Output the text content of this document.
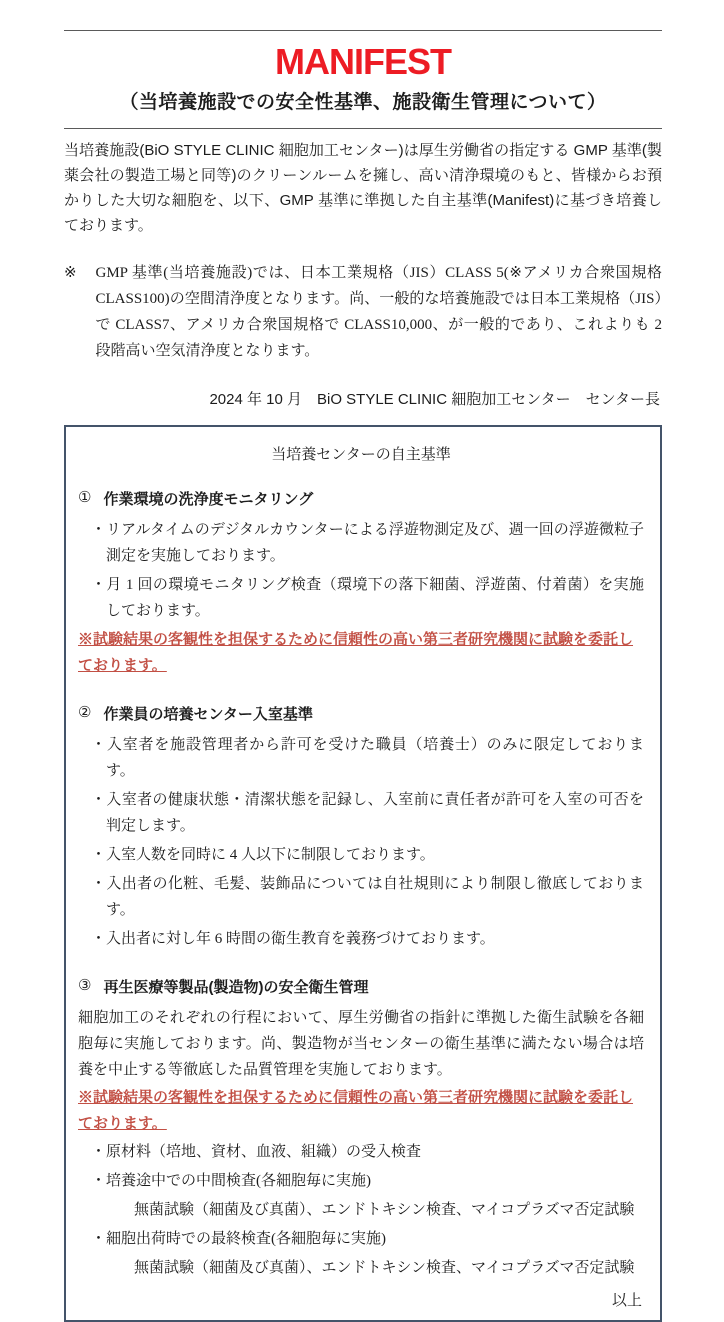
MANIFEST
（当培養施設での安全性基準、施設衛生管理について）

当培養施設(BiO STYLE CLINIC 細胞加工センター)は厚生労働省の指定する GMP 基準(製薬会社の製造工場と同等)のクリーンルームを擁し、高い清浄環境のもと、皆様からお預かりした大切な細胞を、以下、GMP 基準に準拠した自主基準(Manifest)に基づき培養しております。

※	GMP 基準(当培養施設)では、日本工業規格（JIS）CLASS 5(※アメリカ合衆国規格 CLASS100)の空間清浄度となります。尚、一般的な培養施設では日本工業規格（JIS）で CLASS7、アメリカ合衆国規格で CLASS10,000、が一般的であり、これよりも 2 段階高い空気清浄度となります。
2024 年 10 月　BiO STYLE CLINIC 細胞加工センター　センター長
当培養センターの自主基準
① 作業環境の洗浄度モニタリング
・リアルタイムのデジタルカウンターによる浮遊物測定及び、週一回の浮遊微粒子測定を実施しております。
・月 1 回の環境モニタリング検査（環境下の落下細菌、浮遊菌、付着菌）を実施しております。
※試験結果の客観性を担保するために信頼性の高い第三者研究機関に試験を委託しております。
② 作業員の培養センター入室基準
・入室者を施設管理者から許可を受けた職員（培養士）のみに限定しております。
・入室者の健康状態・清潔状態を記録し、入室前に責任者が許可を入室の可否を判定します。
・入室人数を同時に 4 人以下に制限しております。
・入出者の化粧、毛髪、装飾品については自社規則により制限し徹底しております。
・入出者に対し年 6 時間の衛生教育を義務づけております。
③ 再生医療等製品(製造物)の安全衛生管理
細胞加工のそれぞれの行程において、厚生労働省の指針に準拠した衛生試験を各細胞毎に実施しております。尚、製造物が当センターの衛生基準に満たない場合は培養を中止する等徹底した品質管理を実施しております。
※試験結果の客観性を担保するために信頼性の高い第三者研究機関に試験を委託しております。
・原材料（培地、資材、血液、組織）の受入検査
・培養途中での中間検査(各細胞毎に実施)
無菌試験（細菌及び真菌）、エンドトキシン検査、マイコプラズマ否定試験
・細胞出荷時での最終検査(各細胞毎に実施)
無菌試験（細菌及び真菌）、エンドトキシン検査、マイコプラズマ否定試験
以上
